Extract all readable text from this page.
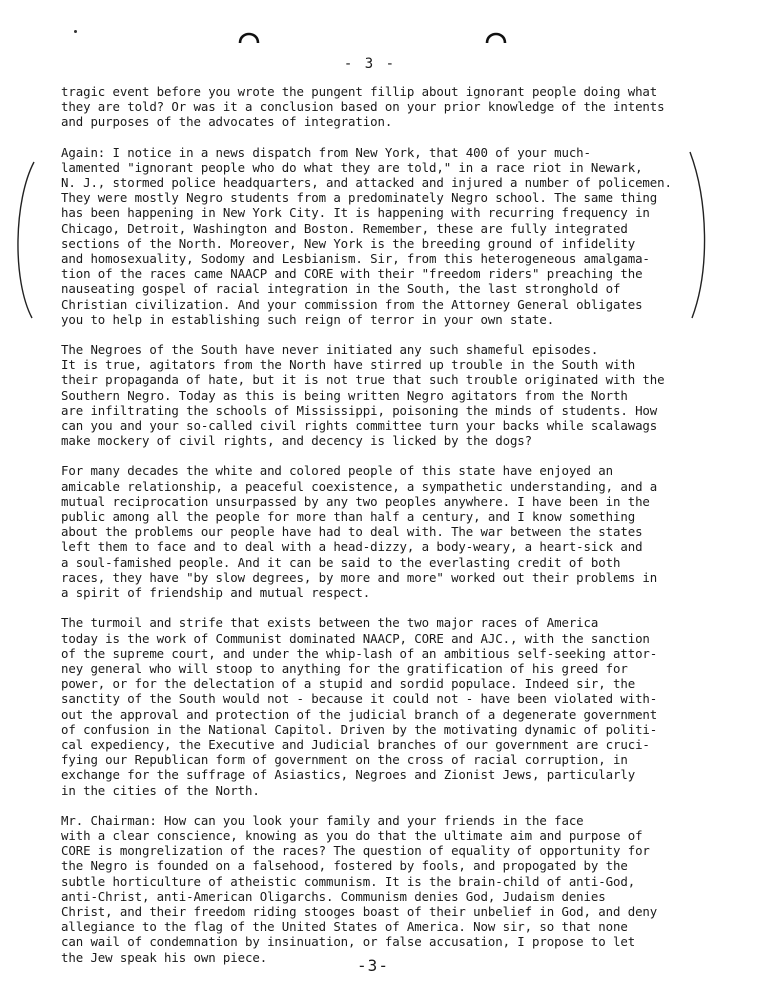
- 3 -

tragic event before you wrote the pungent fillip about ignorant people doing what
they are told? Or was it a conclusion based on your prior knowledge of the intents
and purposes of the advocates of integration.

Again: I notice in a news dispatch from New York, that 400 of your much-
lamented "ignorant people who do what they are told," in a race riot in Newark,
N. J., stormed police headquarters, and attacked and injured a number of policemen.
They were mostly Negro students from a predominately Negro school. The same thing
has been happening in New York City. It is happening with recurring frequency in
Chicago, Detroit, Washington and Boston. Remember, these are fully integrated
sections of the North. Moreover, New York is the breeding ground of infidelity
and homosexuality, Sodomy and Lesbianism. Sir, from this heterogeneous amalgama-
tion of the races came NAACP and CORE with their "freedom riders" preaching the
nauseating gospel of racial integration in the South, the last stronghold of
Christian civilization. And your commission from the Attorney General obligates
you to help in establishing such reign of terror in your own state.

The Negroes of the South have never initiated any such shameful episodes.
It is true, agitators from the North have stirred up trouble in the South with
their propaganda of hate, but it is not true that such trouble originated with the
Southern Negro. Today as this is being written Negro agitators from the North
are infiltrating the schools of Mississippi, poisoning the minds of students. How
can you and your so-called civil rights committee turn your backs while scalawags
make mockery of civil rights, and decency is licked by the dogs?

For many decades the white and colored people of this state have enjoyed an
amicable relationship, a peaceful coexistence, a sympathetic understanding, and a
mutual reciprocation unsurpassed by any two peoples anywhere. I have been in the
public among all the people for more than half a century, and I know something
about the problems our people have had to deal with. The war between the states
left them to face and to deal with a head-dizzy, a body-weary, a heart-sick and
a soul-famished people. And it can be said to the everlasting credit of both
races, they have "by slow degrees, by more and more" worked out their problems in
a spirit of friendship and mutual respect.

The turmoil and strife that exists between the two major races of America
today is the work of Communist dominated NAACP, CORE and AJC., with the sanction
of the supreme court, and under the whip-lash of an ambitious self-seeking attor-
ney general who will stoop to anything for the gratification of his greed for
power, or for the delectation of a stupid and sordid populace. Indeed sir, the
sanctity of the South would not - because it could not - have been violated with-
out the approval and protection of the judicial branch of a degenerate government
of confusion in the National Capitol. Driven by the motivating dynamic of politi-
cal expediency, the Executive and Judicial branches of our government are cruci-
fying our Republican form of government on the cross of racial corruption, in
exchange for the suffrage of Asiastics, Negroes and Zionist Jews, particularly
in the cities of the North.

Mr. Chairman: How can you look your family and your friends in the face
with a clear conscience, knowing as you do that the ultimate aim and purpose of
CORE is mongrelization of the races? The question of equality of opportunity for
the Negro is founded on a falsehood, fostered by fools, and propogated by the
subtle horticulture of atheistic communism. It is the brain-child of anti-God,
anti-Christ, anti-American Oligarchs. Communism denies God, Judaism denies
Christ, and their freedom riding stooges boast of their unbelief in God, and deny
allegiance to the flag of the United States of America. Now sir, so that none
can wail of condemnation by insinuation, or false accusation, I propose to let
the Jew speak his own piece.	-3-
